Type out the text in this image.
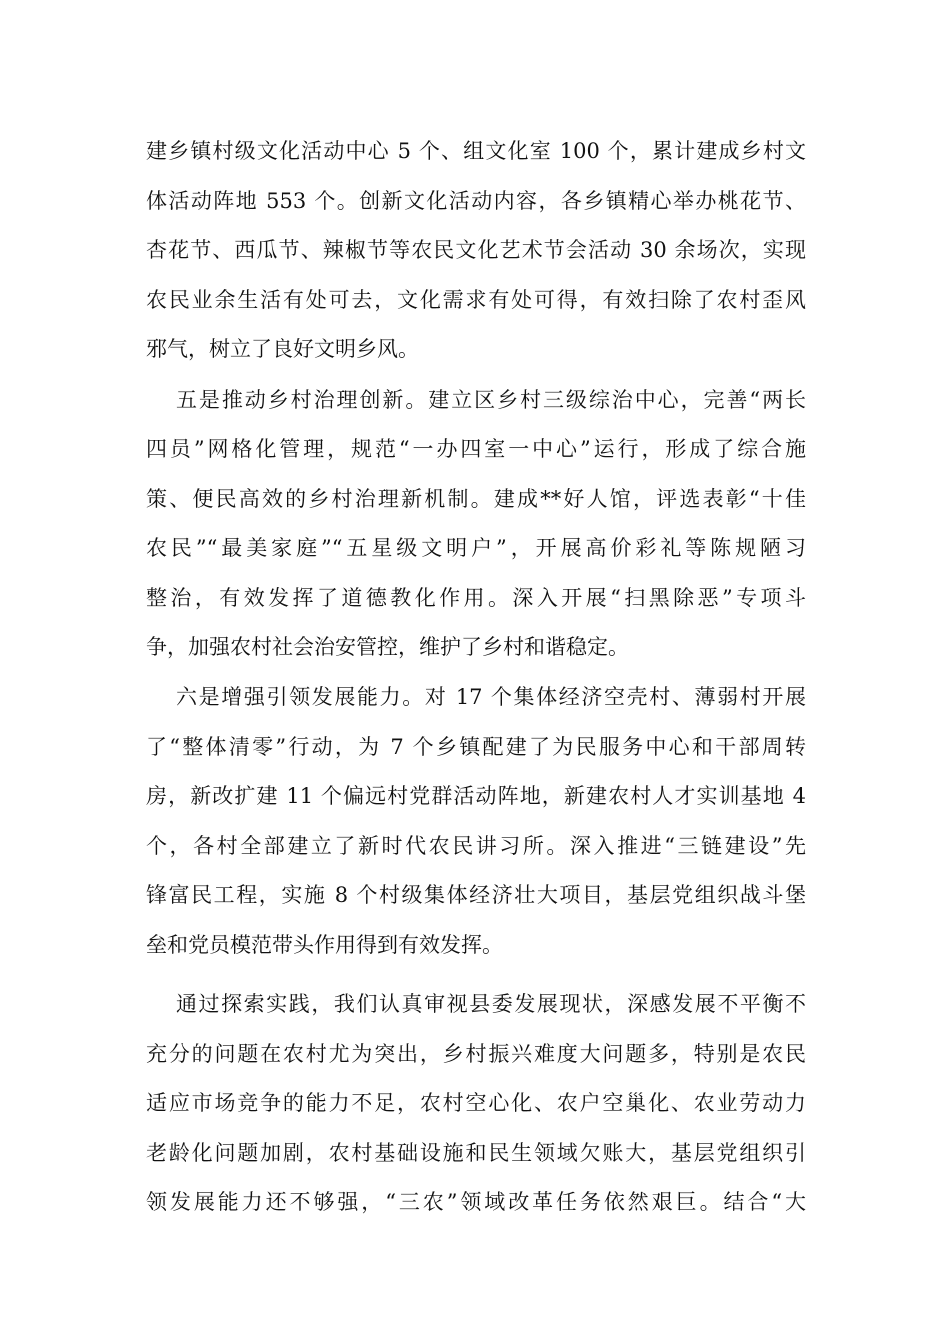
建乡镇村级文化活动中心 5 个、组文化室 100 个，累计建成乡村文
体活动阵地 553 个。创新文化活动内容，各乡镇精心举办桃花节、
杏花节、西瓜节、辣椒节等农民文化艺术节会活动 30 余场次，实现
农民业余生活有处可去，文化需求有处可得，有效扫除了农村歪风
邪气，树立了良好文明乡风。
五是推动乡村治理创新。建立区乡村三级综治中心，完善“两长
四员”网格化管理，规范“一办四室一中心”运行，形成了综合施
策、便民高效的乡村治理新机制。建成**好人馆，评选表彰“十佳
农民”“最美家庭”“五星级文明户”，开展高价彩礼等陈规陋习
整治，有效发挥了道德教化作用。深入开展“扫黑除恶”专项斗
争，加强农村社会治安管控，维护了乡村和谐稳定。
六是增强引领发展能力。对 17 个集体经济空壳村、薄弱村开展
了“整体清零”行动，为 7 个乡镇配建了为民服务中心和干部周转
房，新改扩建 11 个偏远村党群活动阵地，新建农村人才实训基地 4
个，各村全部建立了新时代农民讲习所。深入推进“三链建设”先
锋富民工程，实施 8 个村级集体经济壮大项目，基层党组织战斗堡
垒和党员模范带头作用得到有效发挥。
通过探索实践，我们认真审视县委发展现状，深感发展不平衡不
充分的问题在农村尤为突出，乡村振兴难度大问题多，特别是农民
适应市场竞争的能力不足，农村空心化、农户空巢化、农业劳动力
老龄化问题加剧，农村基础设施和民生领域欠账大，基层党组织引
领发展能力还不够强，“三农”领域改革任务依然艰巨。结合“大
